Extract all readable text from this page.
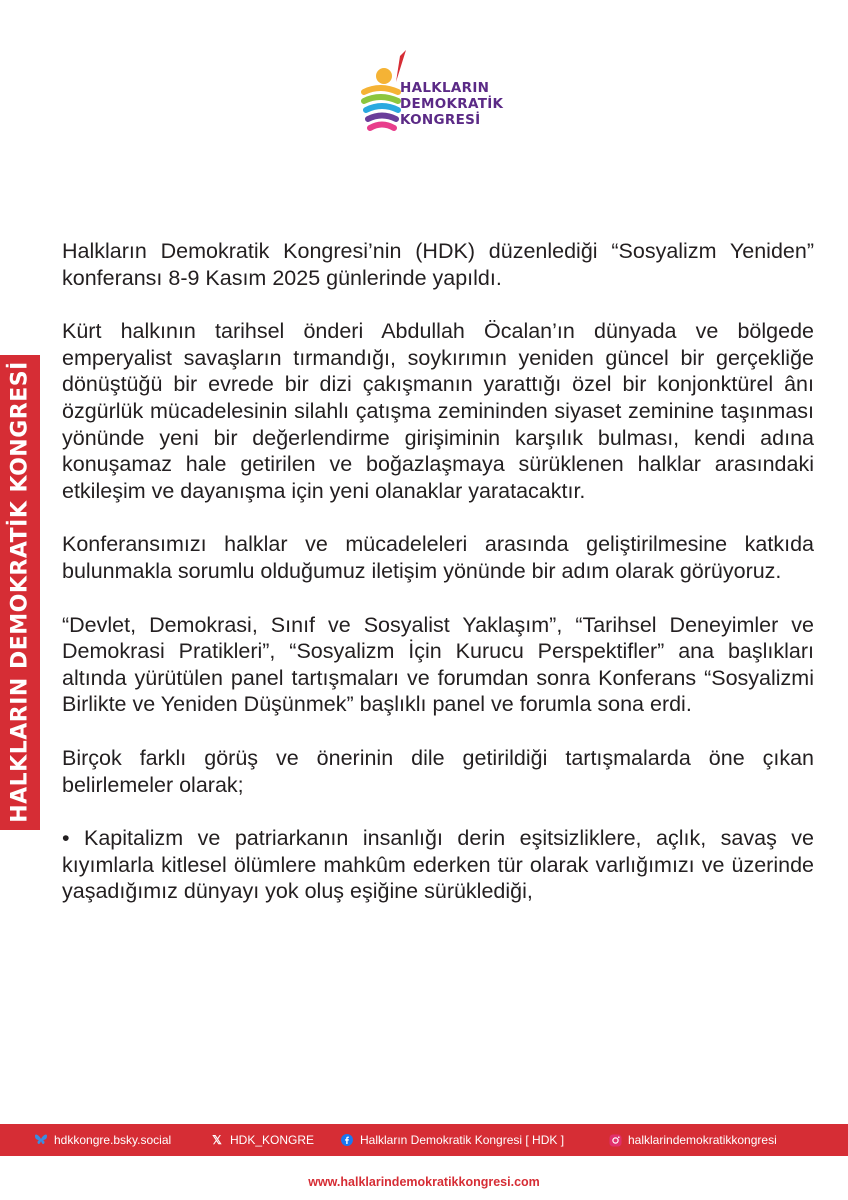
HALKLARIN
DEMOKRATİK
KONGRESİ
HALKLARIN DEMOKRATİK KONGRESİ

Halkların Demokratik Kongresi’nin (HDK) düzenlediği “Sosyalizm Yeniden” konferansı 8-9 Kasım 2025 günlerinde yapıldı.

Kürt halkının tarihsel önderi Abdullah Öcalan’ın dünyada ve bölgede emperyalist savaşların tırmandığı, soykırımın yeniden güncel bir gerçekliğe dönüştüğü bir evrede bir dizi çakışmanın yarattığı özel bir konjonktürel ânı özgürlük mücadelesinin silahlı çatışma zemininden siyaset zeminine taşınması yönünde yeni bir değerlendirme girişiminin karşılık bulması, kendi adına konuşamaz hale getirilen ve boğazlaşmaya sürüklenen halklar arasındaki etkileşim ve dayanışma için yeni olanaklar yaratacaktır.

Konferansımızı halklar ve mücadeleleri arasında geliştirilmesine katkıda bulunmakla sorumlu olduğumuz iletişim yönünde bir adım olarak görüyoruz.

“Devlet, Demokrasi, Sınıf ve Sosyalist Yaklaşım”, “Tarihsel Deneyimler ve Demokrasi Pratikleri”, “Sosyalizm İçin Kurucu Perspektifler” ana başlıkları altında yürütülen panel tartışmaları ve forumdan sonra Konferans “Sosyalizmi Birlikte ve Yeniden Düşünmek” başlıklı panel ve forumla sona erdi.

Birçok farklı görüş ve önerinin dile getirildiği tartışmalarda öne çıkan belirlemeler olarak;

• Kapitalizm ve patriarkanın insanlığı derin eşitsizliklere, açlık, savaş ve kıyımlarla kitlesel ölümlere mahkûm ederken tür olarak varlığımızı ve üzerinde yaşadığımız dünyayı yok oluş eşiğine sürüklediği,

hdkkongre.bsky.social	𝕏 HDK_KONGRE	Halkların Demokratik Kongresi [ HDK ]	halklarindemokratikkongresi
www.halklarindemokratikkongresi.com
